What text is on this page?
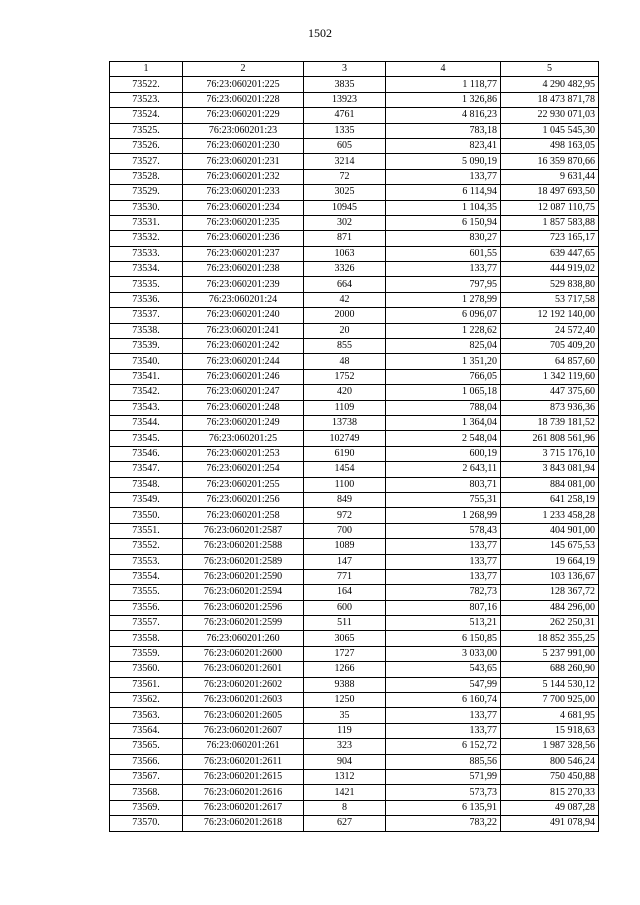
1502
1	2	3	4	5
73522.	76:23:060201:225	3835	1 118,77	4 290 482,95
73523.	76:23:060201:228	13923	1 326,86	18 473 871,78
73524.	76:23:060201:229	4761	4 816,23	22 930 071,03
73525.	76:23:060201:23	1335	783,18	1 045 545,30
73526.	76:23:060201:230	605	823,41	498 163,05
73527.	76:23:060201:231	3214	5 090,19	16 359 870,66
73528.	76:23:060201:232	72	133,77	9 631,44
73529.	76:23:060201:233	3025	6 114,94	18 497 693,50
73530.	76:23:060201:234	10945	1 104,35	12 087 110,75
73531.	76:23:060201:235	302	6 150,94	1 857 583,88
73532.	76:23:060201:236	871	830,27	723 165,17
73533.	76:23:060201:237	1063	601,55	639 447,65
73534.	76:23:060201:238	3326	133,77	444 919,02
73535.	76:23:060201:239	664	797,95	529 838,80
73536.	76:23:060201:24	42	1 278,99	53 717,58
73537.	76:23:060201:240	2000	6 096,07	12 192 140,00
73538.	76:23:060201:241	20	1 228,62	24 572,40
73539.	76:23:060201:242	855	825,04	705 409,20
73540.	76:23:060201:244	48	1 351,20	64 857,60
73541.	76:23:060201:246	1752	766,05	1 342 119,60
73542.	76:23:060201:247	420	1 065,18	447 375,60
73543.	76:23:060201:248	1109	788,04	873 936,36
73544.	76:23:060201:249	13738	1 364,04	18 739 181,52
73545.	76:23:060201:25	102749	2 548,04	261 808 561,96
73546.	76:23:060201:253	6190	600,19	3 715 176,10
73547.	76:23:060201:254	1454	2 643,11	3 843 081,94
73548.	76:23:060201:255	1100	803,71	884 081,00
73549.	76:23:060201:256	849	755,31	641 258,19
73550.	76:23:060201:258	972	1 268,99	1 233 458,28
73551.	76:23:060201:2587	700	578,43	404 901,00
73552.	76:23:060201:2588	1089	133,77	145 675,53
73553.	76:23:060201:2589	147	133,77	19 664,19
73554.	76:23:060201:2590	771	133,77	103 136,67
73555.	76:23:060201:2594	164	782,73	128 367,72
73556.	76:23:060201:2596	600	807,16	484 296,00
73557.	76:23:060201:2599	511	513,21	262 250,31
73558.	76:23:060201:260	3065	6 150,85	18 852 355,25
73559.	76:23:060201:2600	1727	3 033,00	5 237 991,00
73560.	76:23:060201:2601	1266	543,65	688 260,90
73561.	76:23:060201:2602	9388	547,99	5 144 530,12
73562.	76:23:060201:2603	1250	6 160,74	7 700 925,00
73563.	76:23:060201:2605	35	133,77	4 681,95
73564.	76:23:060201:2607	119	133,77	15 918,63
73565.	76:23:060201:261	323	6 152,72	1 987 328,56
73566.	76:23:060201:2611	904	885,56	800 546,24
73567.	76:23:060201:2615	1312	571,99	750 450,88
73568.	76:23:060201:2616	1421	573,73	815 270,33
73569.	76:23:060201:2617	8	6 135,91	49 087,28
73570.	76:23:060201:2618	627	783,22	491 078,94
